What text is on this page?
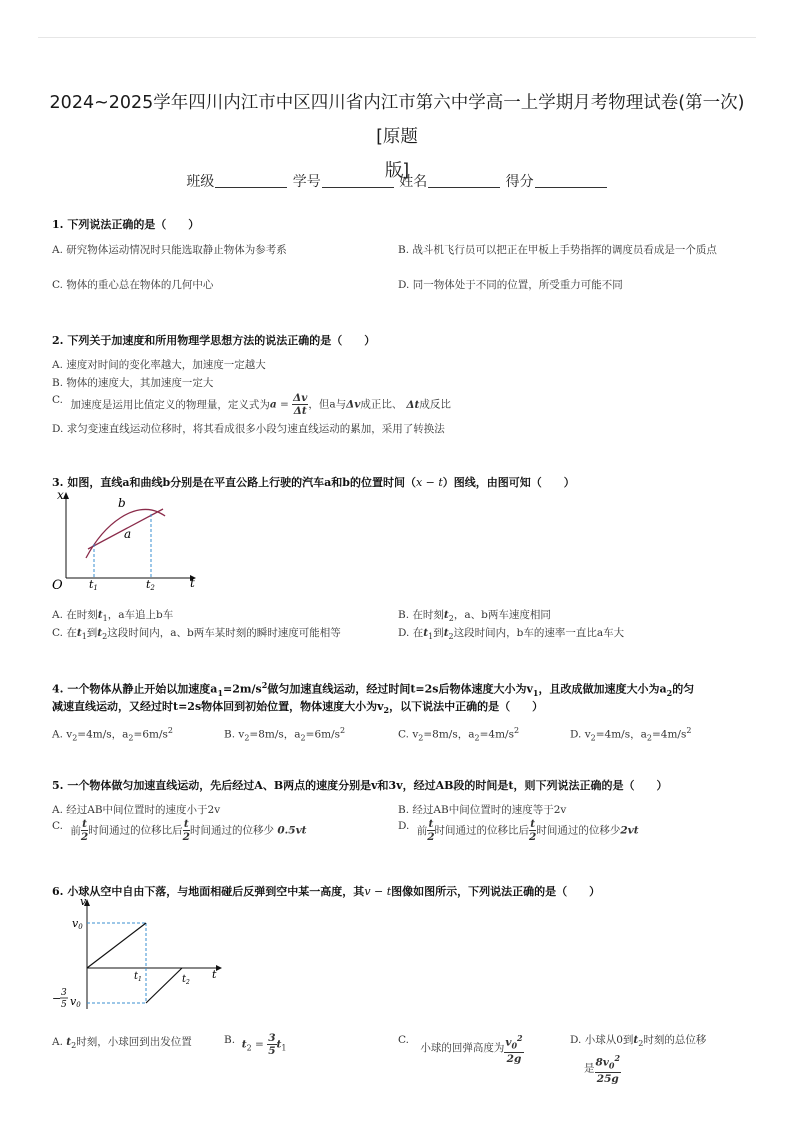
2024~2025学年四川内江市中区四川省内江市第六中学高一上学期月考物理试卷(第一次)[原题
版]
班级	学号	姓名	得分
1. 下列说法正确的是（　　）
A. 研究物体运动情况时只能选取静止物体为参考系	B. 战斗机飞行员可以把正在甲板上手势指挥的调度员看成是一个质点
C. 物体的重心总在物体的几何中心	D. 同一物体处于不同的位置，所受重力可能不同
2. 下列关于加速度和所用物理学思想方法的说法正确的是（　　）
A. 速度对时间的变化率越大，加速度一定越大
B. 物体的速度大，其加速度一定大
C. 加速度是运用比值定义的物理量，定义式为$a = \frac{\Delta v}{\Delta t}$ ，但a与Δv成正比、 Δt成反比
D. 求匀变速直线运动位移时，将其看成很多小段匀速直线运动的累加，采用了转换法
3. 如图，直线a和曲线b分别是在平直公路上行驶的汽车a和b的位置时间（x − t）图线，由图可知（　　）
x
t
O
b
a
t1	t2
A. 在时刻$t_1$，a车追上b车	B. 在时刻$t_2$，a、b两车速度相同
C. 在$t_1$到$t_2$这段时间内，a、b两车某时刻的瞬时速度可能相等	D. 在$t_1$到$t_2$这段时间内，b车的速率一直比a车大
4. 一个物体从静止开始以加速度$a_1=2m/s^2$做匀加速直线运动，经过时间t=2s后物体速度大小为$v_1$，且改成做加速度大小为$a_2$的匀
减速直线运动，又经过时t=2s物体回到初始位置，物体速度大小为$v_2$，以下说法中正确的是（　　）
A. $v_2=4m/s$，$a_2=6m/s^2$	B. $v_2=8m/s$，$a_2=6m/s^2$	C. $v_2=8m/s$，$a_2=4m/s^2$	D. $v_2=4m/s$，$a_2=4m/s^2$
5. 一个物体做匀加速直线运动，先后经过A、B两点的速度分别是v和3v，经过AB段的时间是t，则下列说法正确的是（　　）
A. 经过AB中间位置时的速度小于2v	B. 经过AB中间位置时的速度等于2v
C. 前 $\frac{t}{2}$ 时间通过的位移比后 $\frac{t}{2}$ 时间通过的位移少 0.5vt	D. 前 $\frac{t}{2}$ 时间通过的位移比后 $\frac{t}{2}$ 时间通过的位移少2vt
6. 小球从空中自由下落，与地面相碰后反弹到空中某一高度，其v − t图像如图所示，下列说法正确的是（　　）
v
t
v0
$t_1$	$t_2$
− 3
5 v0
A. $t_2$时刻，小球回到出发位置	B. $t_2 = \frac{3}{5} t_1$
C. 小球的回弹高度为 $\frac{v_0^2}{2g}$	D. 小球从0到$t_2$时刻的总位移
是 $\frac{8v_0^2}{25g}$
